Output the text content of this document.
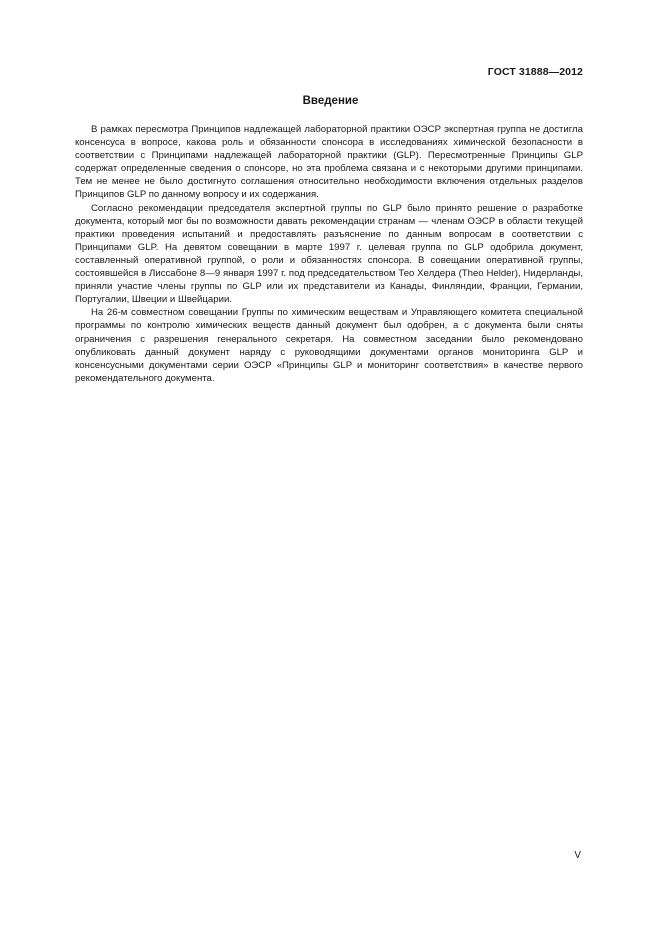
ГОСТ 31888—2012
Введение

В рамках пересмотра Принципов надлежащей лабораторной практики ОЭСР экспертная группа не достигла консенсуса в вопросе, какова роль и обязанности спонсора в исследованиях химической безопасности в соответствии с Принципами надлежащей лабораторной практики (GLP). Пересмотренные Принципы GLP содержат определенные сведения о спонсоре, но эта проблема связана и с некоторыми другими принципами. Тем не менее не было достигнуто соглашения относительно необходимости включения отдельных разделов Принципов GLP по данному вопросу и их содержания.

Согласно рекомендации председателя экспертной группы по GLP было принято решение о разработке документа, который мог бы по возможности давать рекомендации странам — членам ОЭСР в области текущей практики проведения испытаний и предоставлять разъяснение по данным вопросам в соответствии с Принципами GLP. На девятом совещании в марте 1997 г. целевая группа по GLP одобрила документ, составленный оперативной группой, о роли и обязанностях спонсора. В совещании оперативной группы, состоявшейся в Лиссабоне 8—9 января 1997 г. под председательством Тео Хелдера (Theo Helder), Нидерланды, приняли участие члены группы по GLP или их представители из Канады, Финляндии, Франции, Германии, Португалии, Швеции и Швейцарии.

На 26-м совместном совещании Группы по химическим веществам и Управляющего комитета специальной программы по контролю химических веществ данный документ был одобрен, а с документа были сняты ограничения с разрешения генерального секретаря. На совместном заседании было рекомендовано опубликовать данный документ наряду с руководящими документами органов мониторинга GLP и консенсусными документами серии ОЭСР «Принципы GLP и мониторинг соответствия» в качестве первого рекомендательного документа.

V
